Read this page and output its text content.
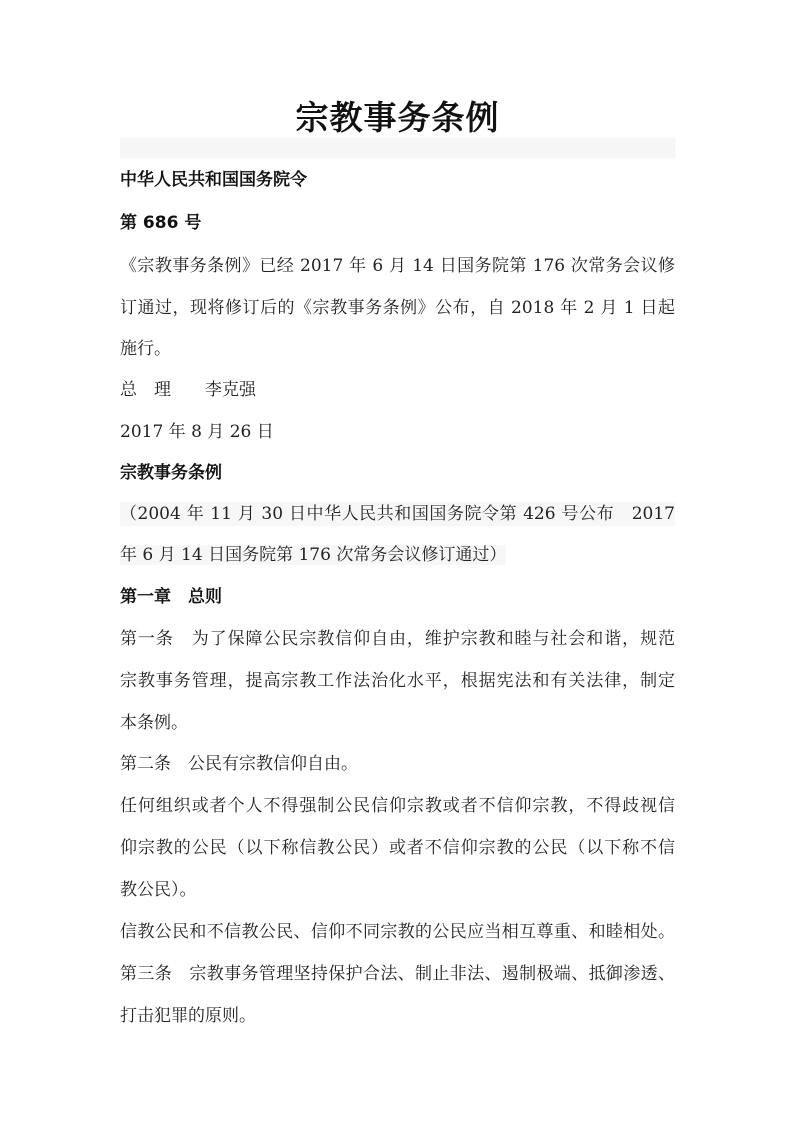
宗教事务条例
中华人民共和国国务院令
第 686 号
《宗教事务条例》已经 2017 年 6 月 14 日国务院第 176 次常务会议修
订通过，现将修订后的《宗教事务条例》公布，自 2018 年 2 月 1 日起
施行。
总　理 李克强
2017 年 8 月 26 日
宗教事务条例
（2004 年 11 月 30 日中华人民共和国国务院令第 426 号公布　2017
年 6 月 14 日国务院第 176 次常务会议修订通过）
第一章　总则
第一条　为了保障公民宗教信仰自由，维护宗教和睦与社会和谐，规范
宗教事务管理，提高宗教工作法治化水平，根据宪法和有关法律，制定
本条例。
第二条　公民有宗教信仰自由。
任何组织或者个人不得强制公民信仰宗教或者不信仰宗教，不得歧视信
仰宗教的公民（以下称信教公民）或者不信仰宗教的公民（以下称不信
教公民）。
信教公民和不信教公民、信仰不同宗教的公民应当相互尊重、和睦相处。
第三条　宗教事务管理坚持保护合法、制止非法、遏制极端、抵御渗透、
打击犯罪的原则。
